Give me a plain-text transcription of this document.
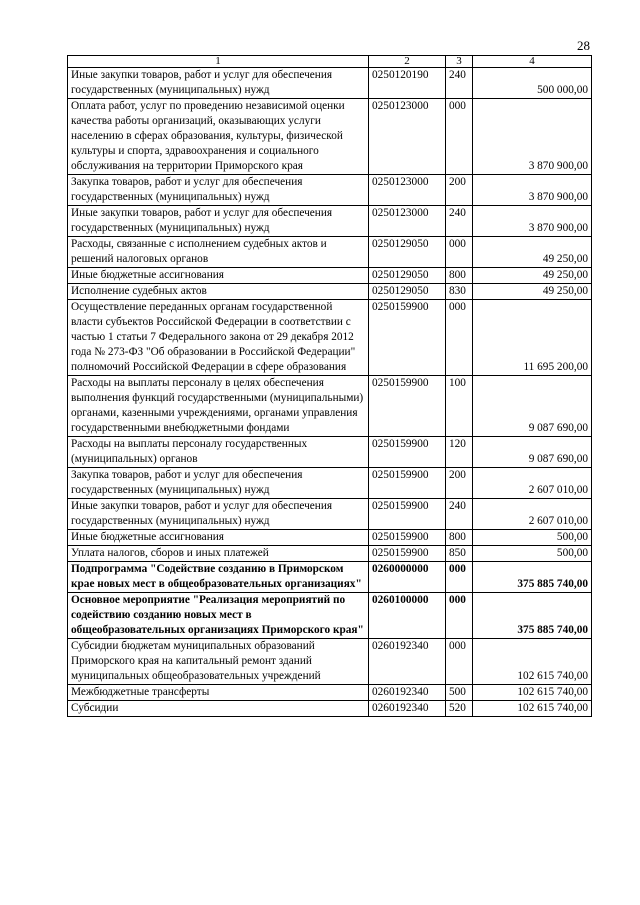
28
1	2	3	4
Иные закупки товаров, работ и услуг для обеспечения государственных (муниципальных) нужд	0250120190	240	500 000,00
Оплата работ, услуг по проведению независимой оценки качества работы организаций, оказывающих услуги населению в сферах образования, культуры, физической культуры и спорта, здравоохранения и социального обслуживания на территории Приморского края	0250123000	000	3 870 900,00
Закупка товаров, работ и услуг для обеспечения государственных (муниципальных) нужд	0250123000	200	3 870 900,00
Иные закупки товаров, работ и услуг для обеспечения государственных (муниципальных) нужд	0250123000	240	3 870 900,00
Расходы, связанные с исполнением судебных актов и решений налоговых органов	0250129050	000	49 250,00
Иные бюджетные ассигнования	0250129050	800	49 250,00
Исполнение судебных актов	0250129050	830	49 250,00
Осуществление переданных органам государственной власти субъектов Российской Федерации в соответствии с частью 1 статьи 7 Федерального закона от 29 декабря 2012 года № 273-ФЗ "Об образовании в Российской Федерации" полномочий Российской Федерации в сфере образования	0250159900	000	11 695 200,00
Расходы на выплаты персоналу в целях обеспечения выполнения функций государственными (муниципальными) органами, казенными учреждениями, органами управления государственными внебюджетными фондами	0250159900	100	9 087 690,00
Расходы на выплаты персоналу государственных (муниципальных) органов	0250159900	120	9 087 690,00
Закупка товаров, работ и услуг для обеспечения государственных (муниципальных) нужд	0250159900	200	2 607 010,00
Иные закупки товаров, работ и услуг для обеспечения государственных (муниципальных) нужд	0250159900	240	2 607 010,00
Иные бюджетные ассигнования	0250159900	800	500,00
Уплата налогов, сборов и иных платежей	0250159900	850	500,00
Подпрограмма "Содействие созданию в Приморском крае новых мест в общеобразовательных организациях"	0260000000	000	375 885 740,00
Основное мероприятие "Реализация мероприятий по содействию созданию новых мест в общеобразовательных организациях Приморского края"	0260100000	000	375 885 740,00
Субсидии бюджетам муниципальных образований Приморского края на капитальный ремонт зданий муниципальных общеобразовательных учреждений	0260192340	000	102 615 740,00
Межбюджетные трансферты	0260192340	500	102 615 740,00
Субсидии	0260192340	520	102 615 740,00
